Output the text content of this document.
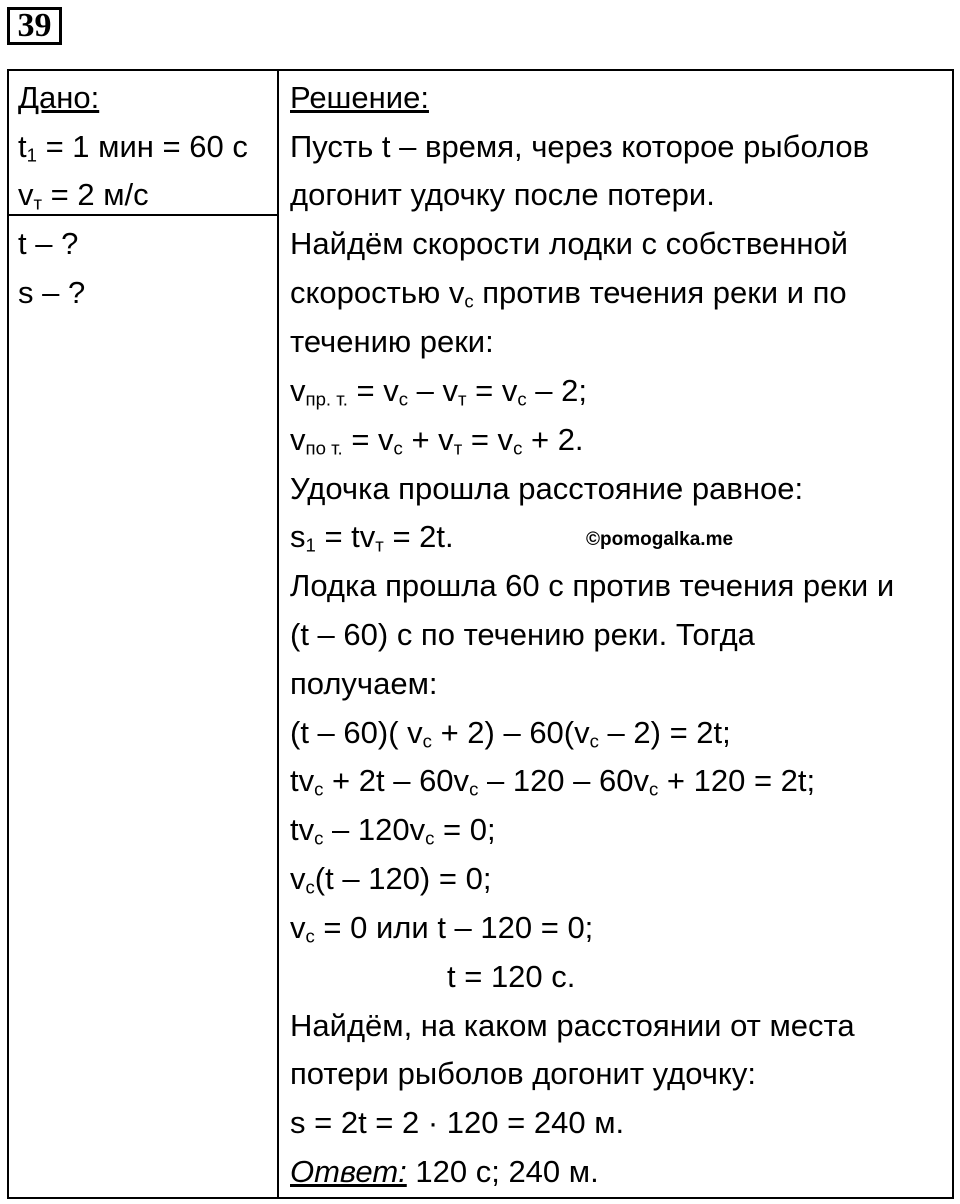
39
Дано:
$t_1 = 1$ мин = 60 с
$v_т = 2$ м/с
t – ?
s – ?
Решение:
Пусть t – время, через которое рыболов
догонит удочку после потери.
Найдём скорости лодки с собственной
скоростью $v_с$ против течения реки и по
течению реки:
$v_{пр. т.} = v_с - v_т = v_с - 2$;
$v_{по т.} = v_с + v_т = v_с + 2$.
Удочка прошла расстояние равное:
$s_1 = tv_т = 2t$.	©pomogalka.me
Лодка прошла 60 с против течения реки и
(t – 60) с по течению реки. Тогда
получаем:
(t – 60)( $v_с + 2) - 60(v_с - 2) = 2t$;
$tv_с + 2t - 60v_с - 120 - 60v_с + 120 = 2t$;
$tv_с - 120v_с = 0$;
$v_с(t - 120) = 0$;
$v_с = 0$ или t – 120 = 0;
t = 120 с.
Найдём, на каком расстоянии от места
потери рыболов догонит удочку:
s = 2t = 2 · 120 = 240 м.
Ответ: 120 с; 240 м.
